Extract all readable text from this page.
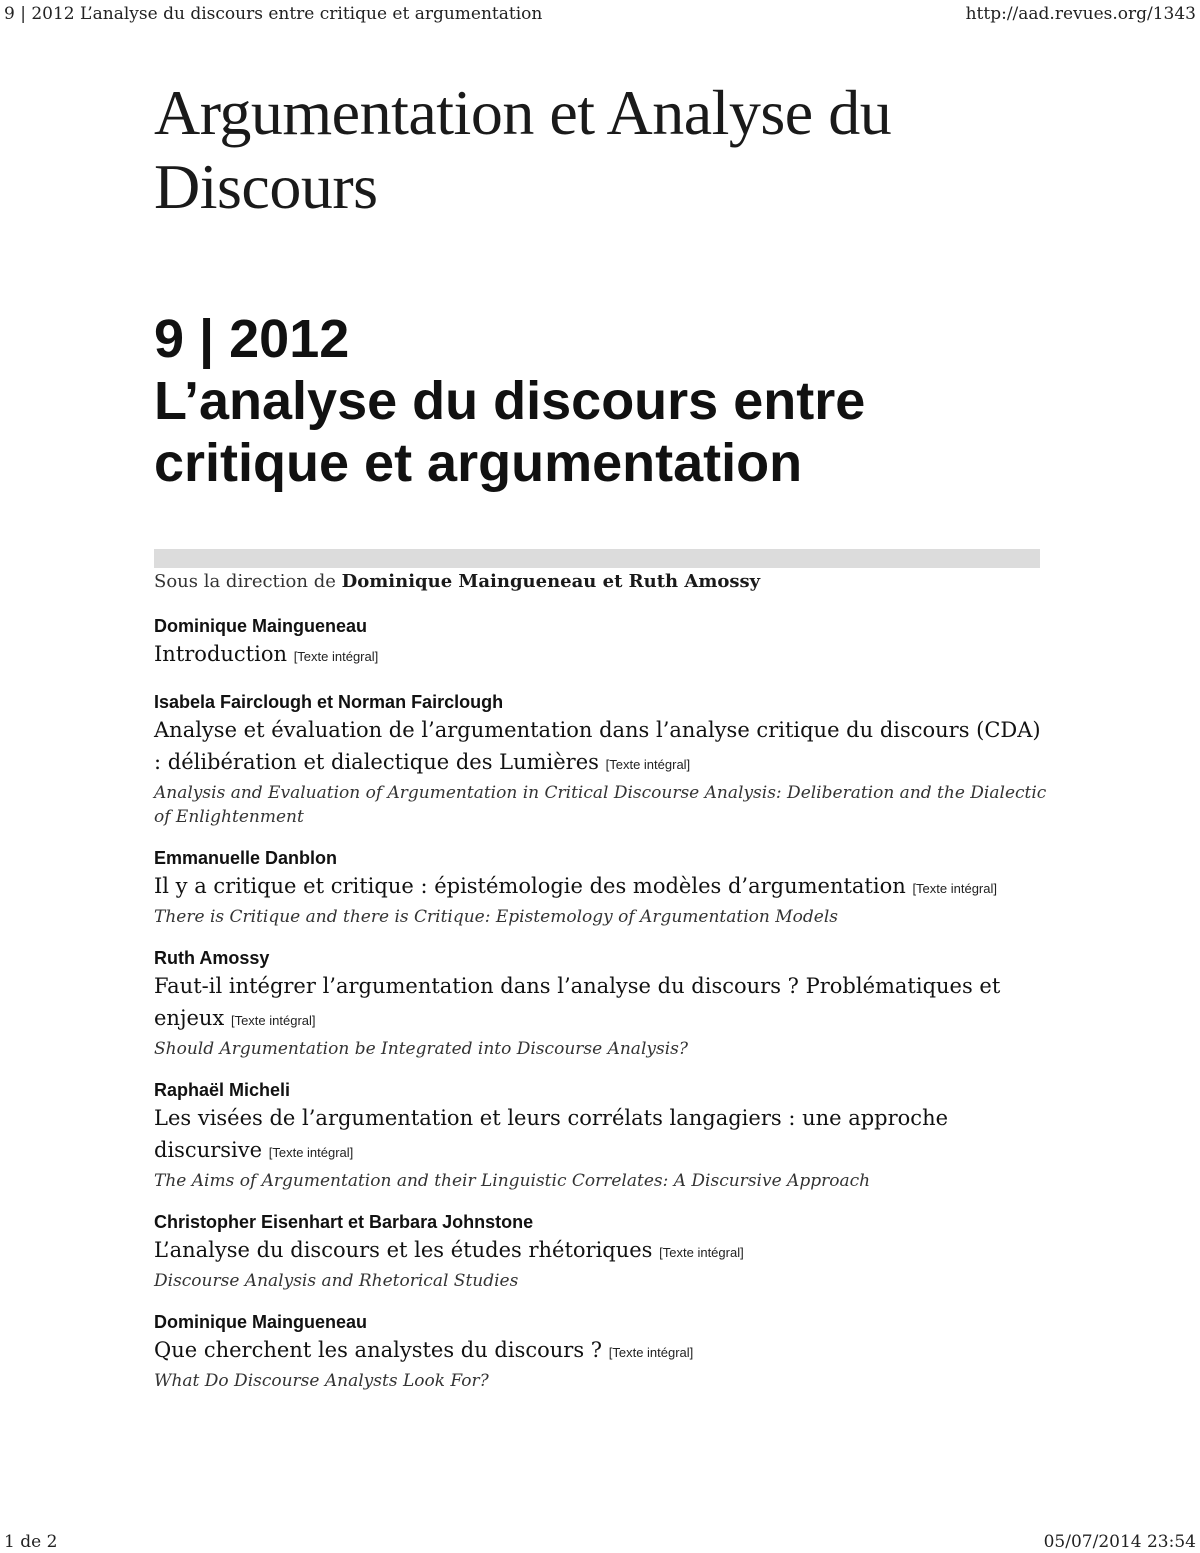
9 | 2012 L’analyse du discours entre critique et argumentation	http://aad.revues.org/1343
Argumentation et Analyse du Discours
9 | 2012
L’analyse du discours entre critique et argumentation
Sous la direction de Dominique Maingueneau et Ruth Amossy
Dominique Maingueneau
Introduction [Texte intégral]
Isabela Fairclough et Norman Fairclough
Analyse et évaluation de l’argumentation dans l’analyse critique du discours (CDA) : délibération et dialectique des Lumières [Texte intégral]
Analysis and Evaluation of Argumentation in Critical Discourse Analysis: Deliberation and the Dialectic of Enlightenment
Emmanuelle Danblon
Il y a critique et critique : épistémologie des modèles d’argumentation [Texte intégral]
There is Critique and there is Critique: Epistemology of Argumentation Models
Ruth Amossy
Faut-il intégrer l’argumentation dans l’analyse du discours ? Problématiques et enjeux [Texte intégral]
Should Argumentation be Integrated into Discourse Analysis?
Raphaël Micheli
Les visées de l’argumentation et leurs corrélats langagiers : une approche discursive [Texte intégral]
The Aims of Argumentation and their Linguistic Correlates: A Discursive Approach
Christopher Eisenhart et Barbara Johnstone
L’analyse du discours et les études rhétoriques [Texte intégral]
Discourse Analysis and Rhetorical Studies
Dominique Maingueneau
Que cherchent les analystes du discours ? [Texte intégral]
What Do Discourse Analysts Look For?
1 de 2	05/07/2014 23:54
